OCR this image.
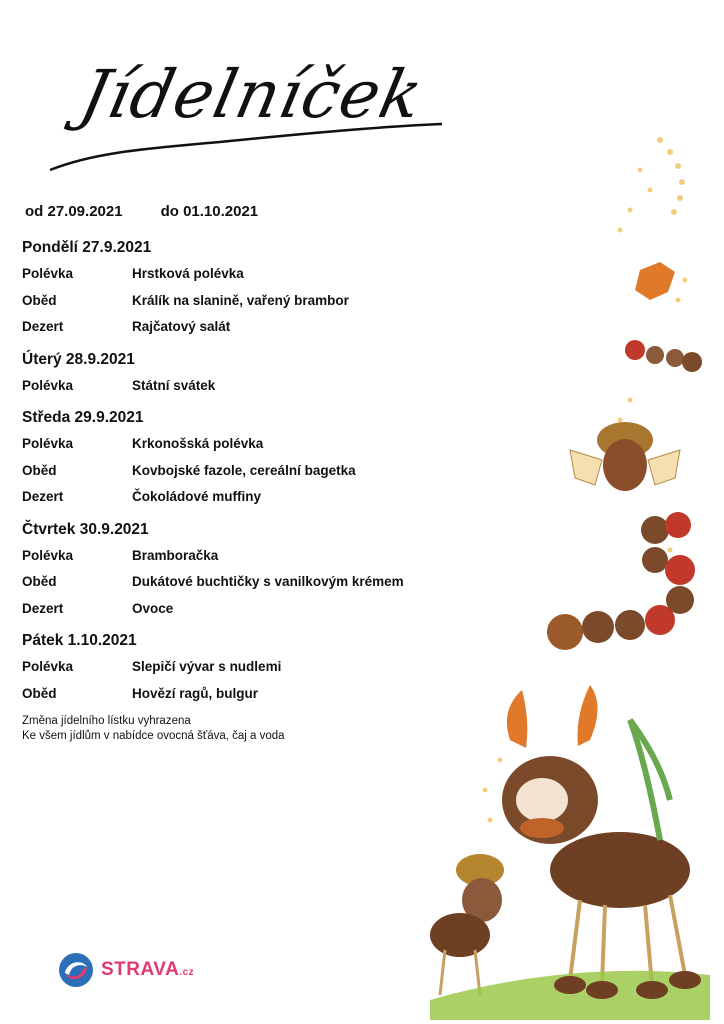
Jídelníček
od 27.09.2021	do 01.10.2021
Pondělí 27.9.2021
Polévka	Hrstková polévka
Oběd	Králík na slanině, vařený brambor
Dezert	Rajčatový salát
Úterý 28.9.2021
Polévka	Státní svátek
Středa 29.9.2021
Polévka	Krkonošská polévka
Oběd	Kovbojské fazole, cereální bagetka
Dezert	Čokoládové muffiny
Čtvrtek 30.9.2021
Polévka	Bramboračka
Oběd	Dukátové buchtičky s vanilkovým krémem
Dezert	Ovoce
Pátek 1.10.2021
Polévka	Slepičí vývar s nudlemi
Oběd	Hovězí ragů, bulgur
Změna jídelního lístku vyhrazena
Ke všem jídlům v nabídce ovocná šťáva, čaj a voda
STRAVA.cz
